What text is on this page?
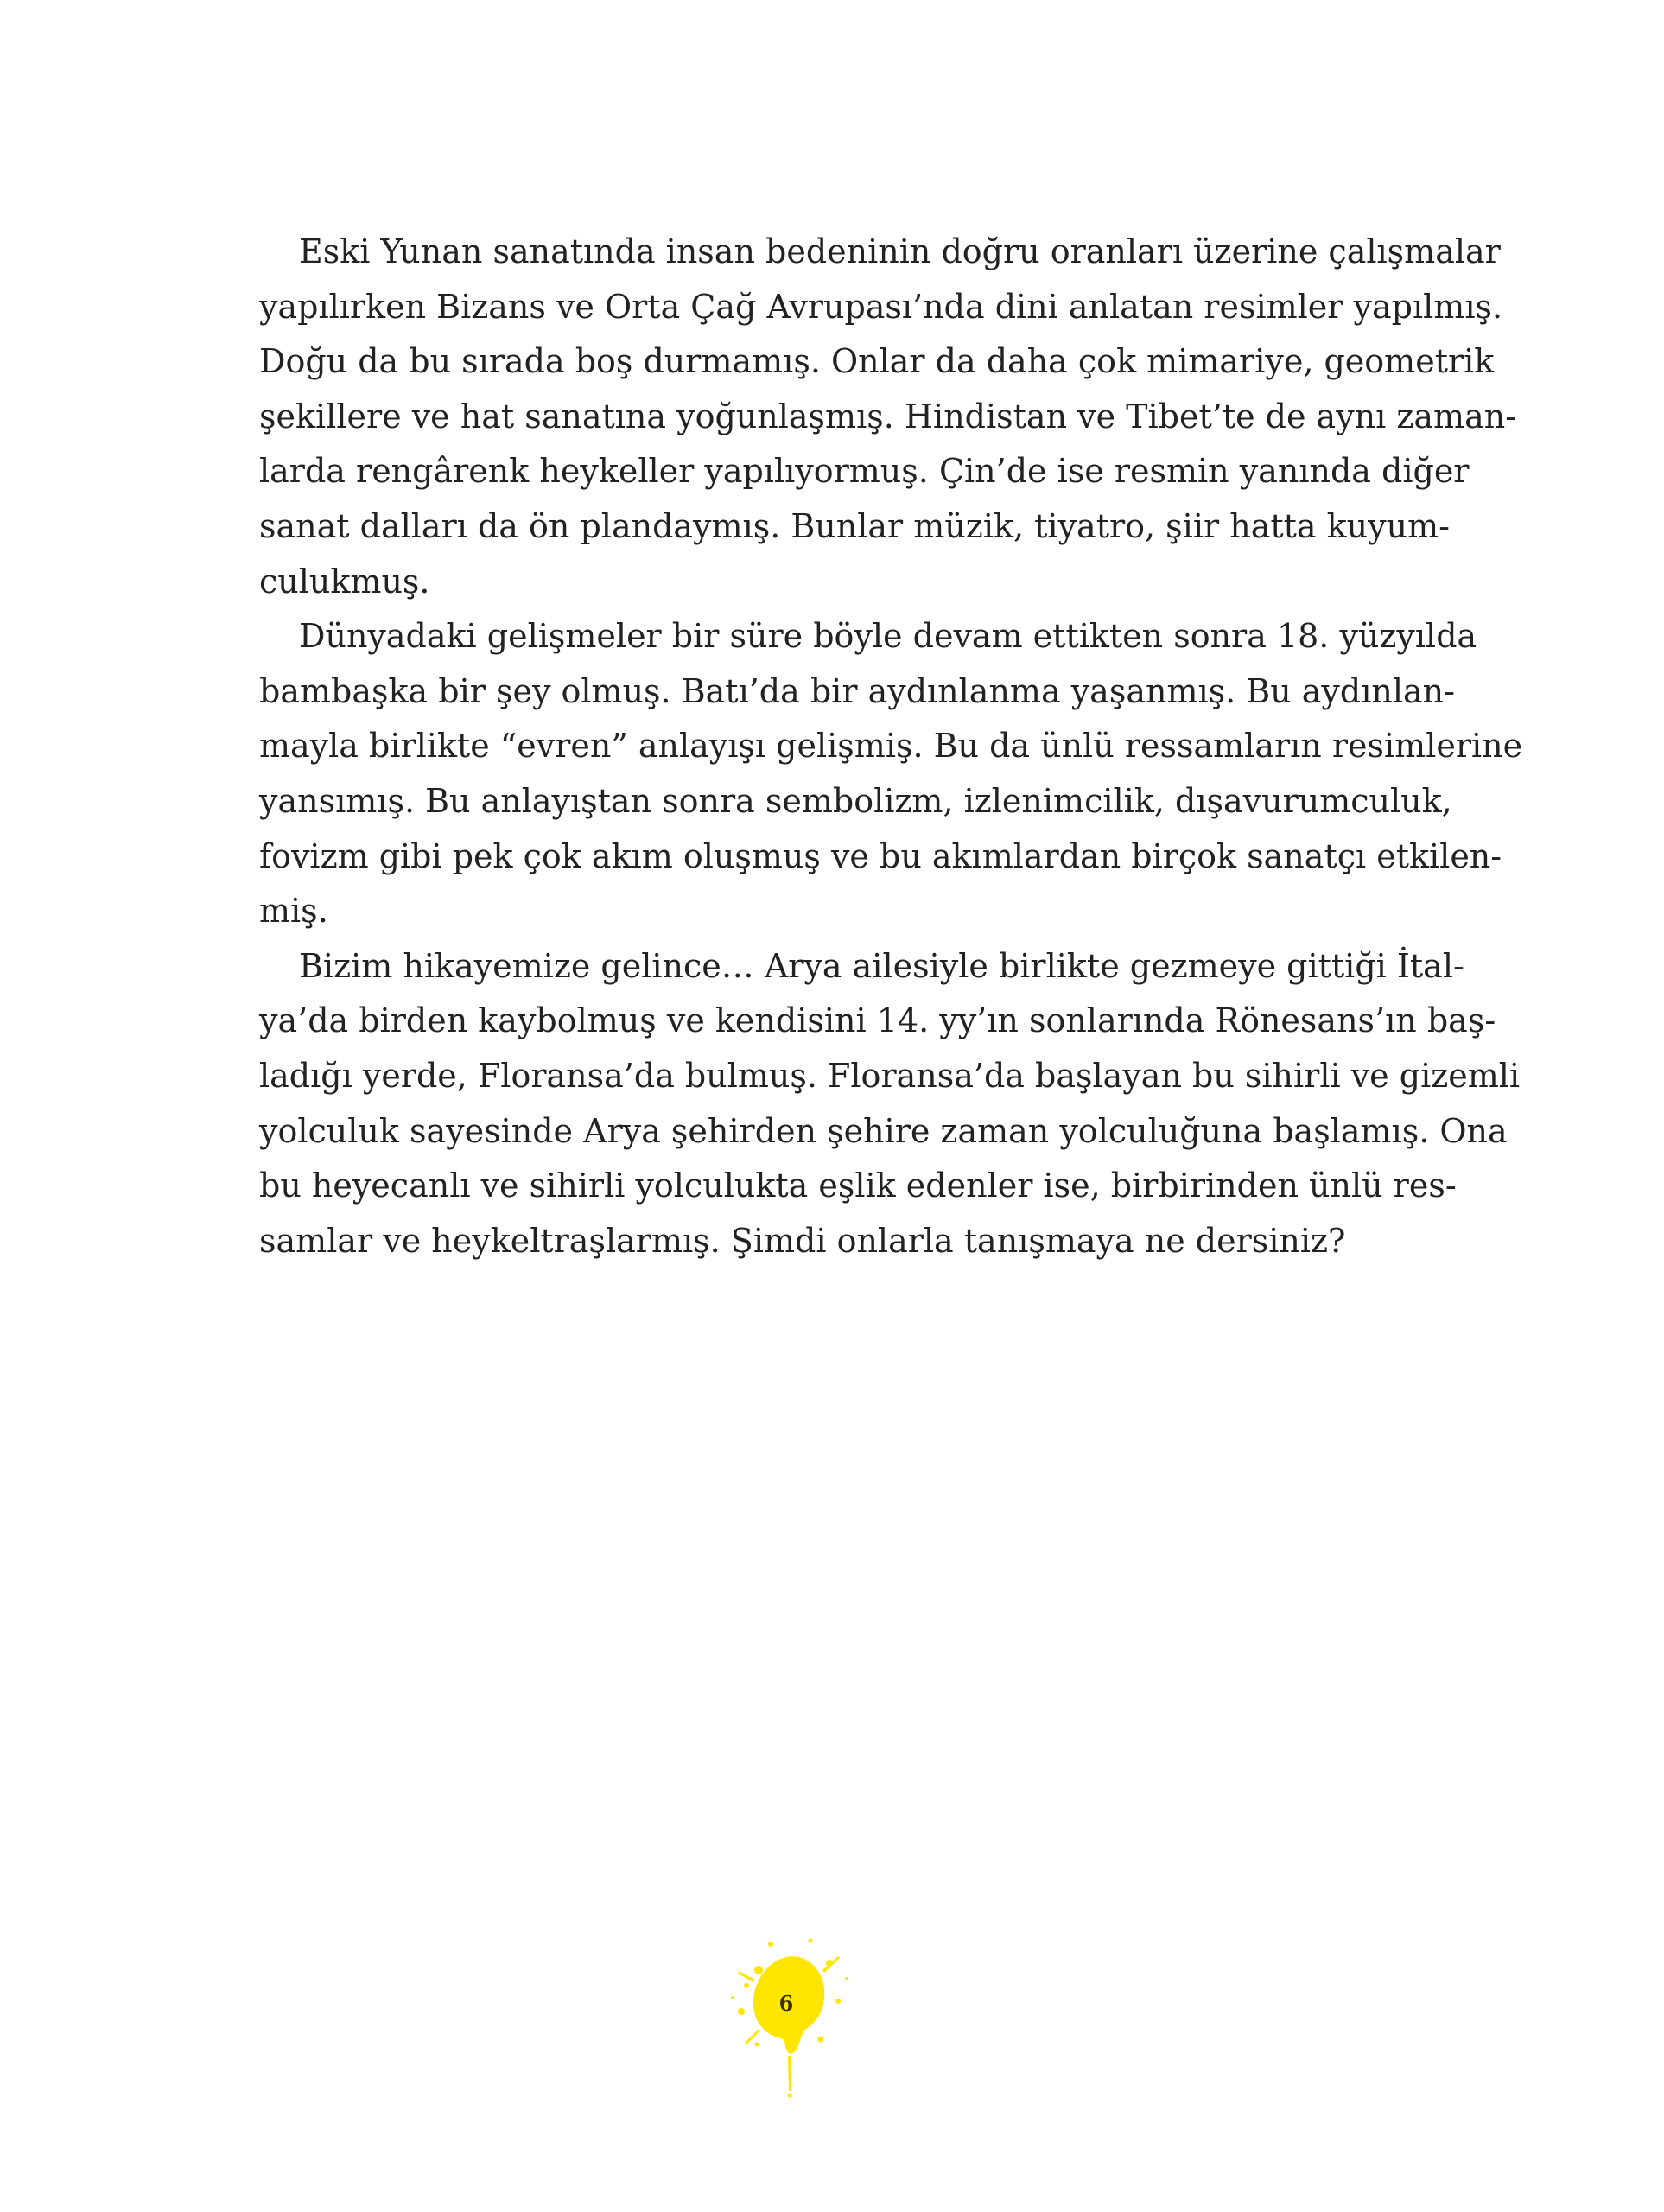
Eski Yunan sanatında insan bedeninin doğru oranları üzerine çalışmalar
yapılırken Bizans ve Orta Çağ Avrupası’nda dini anlatan resimler yapılmış.
Doğu da bu sırada boş durmamış. Onlar da daha çok mimariye, geometrik
şekillere ve hat sanatına yoğunlaşmış. Hindistan ve Tibet’te de aynı zaman-
larda rengârenk heykeller yapılıyormuş. Çin’de ise resmin yanında diğer
sanat dalları da ön plandaymış. Bunlar müzik, tiyatro, şiir hatta kuyum-
culukmuş.
Dünyadaki gelişmeler bir süre böyle devam ettikten sonra 18. yüzyılda
bambaşka bir şey olmuş. Batı’da bir aydınlanma yaşanmış. Bu aydınlan-
mayla birlikte “evren” anlayışı gelişmiş. Bu da ünlü ressamların resimlerine
yansımış. Bu anlayıştan sonra sembolizm, izlenimcilik, dışavurumculuk,
fovizm gibi pek çok akım oluşmuş ve bu akımlardan birçok sanatçı etkilen-
miş.
Bizim hikayemize gelince… Arya ailesiyle birlikte gezmeye gittiği İtal-
ya’da birden kaybolmuş ve kendisini 14. yy’ın sonlarında Rönesans’ın baş-
ladığı yerde, Floransa’da bulmuş. Floransa’da başlayan bu sihirli ve gizemli
yolculuk sayesinde Arya şehirden şehire zaman yolculuğuna başlamış. Ona
bu heyecanlı ve sihirli yolculukta eşlik edenler ise, birbirinden ünlü res-
samlar ve heykeltraşlarmış. Şimdi onlarla tanışmaya ne dersiniz?
6
